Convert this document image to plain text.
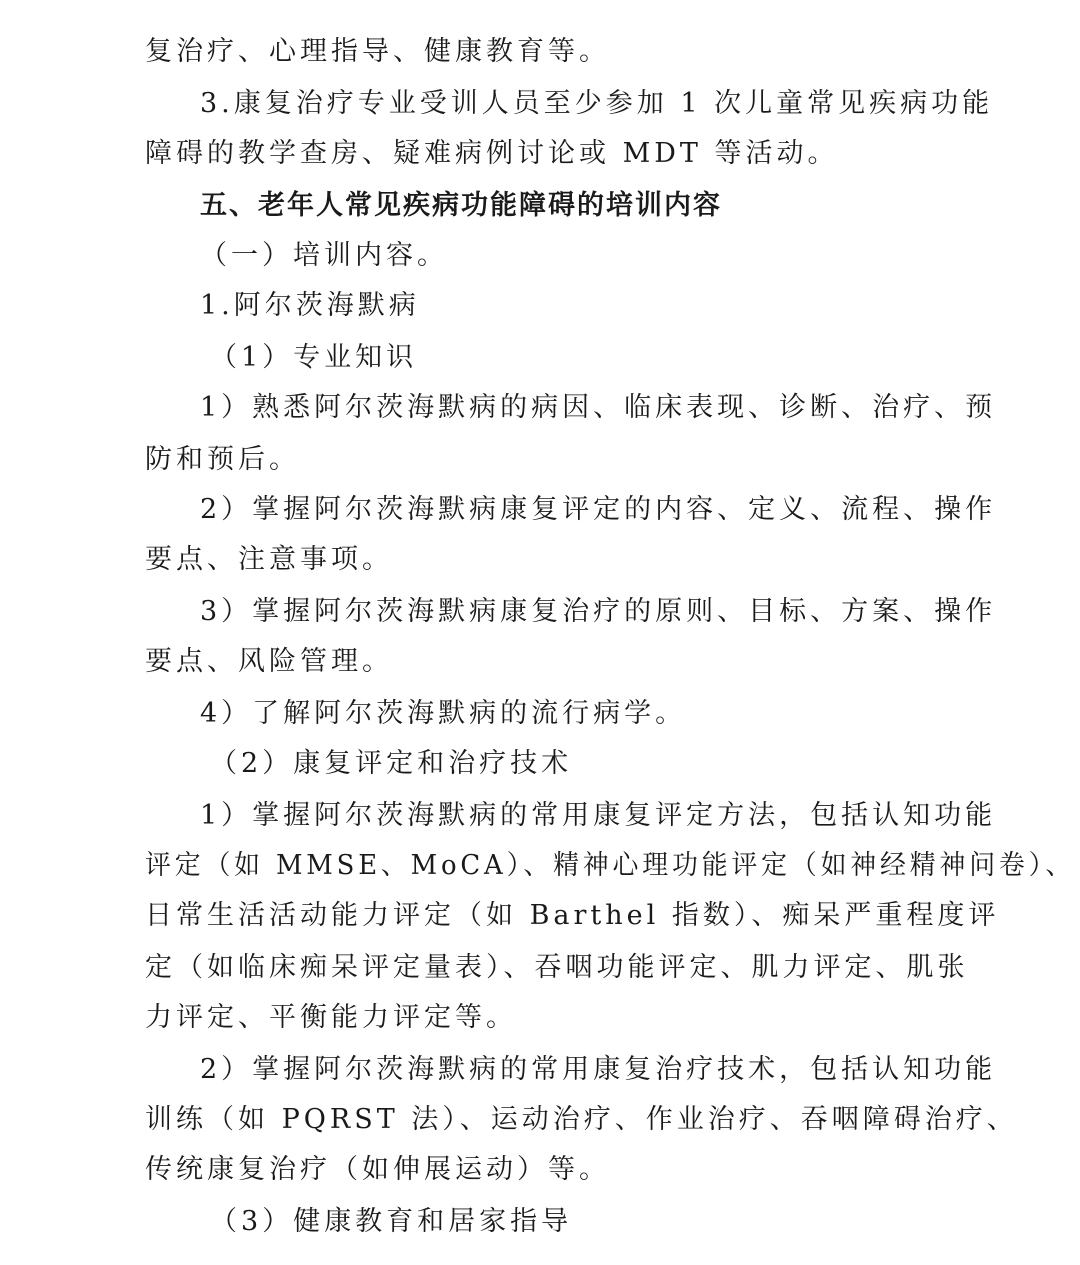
复治疗、心理指导、健康教育等。
3.康复治疗专业受训人员至少参加 1 次儿童常见疾病功能
障碍的教学查房、疑难病例讨论或 MDT 等活动。
五、老年人常见疾病功能障碍的培训内容
（一）培训内容。
1.阿尔茨海默病
（1）专业知识
1）熟悉阿尔茨海默病的病因、临床表现、诊断、治疗、预
防和预后。
2）掌握阿尔茨海默病康复评定的内容、定义、流程、操作
要点、注意事项。
3）掌握阿尔茨海默病康复治疗的原则、目标、方案、操作
要点、风险管理。
4）了解阿尔茨海默病的流行病学。
（2）康复评定和治疗技术
1）掌握阿尔茨海默病的常用康复评定方法，包括认知功能
评定（如 MMSE、MoCA）、精神心理功能评定（如神经精神问卷）、
日常生活活动能力评定（如 Barthel 指数）、痴呆严重程度评
定（如临床痴呆评定量表）、吞咽功能评定、肌力评定、肌张
力评定、平衡能力评定等。
2）掌握阿尔茨海默病的常用康复治疗技术，包括认知功能
训练（如 PQRST 法）、运动治疗、作业治疗、吞咽障碍治疗、
传统康复治疗（如伸展运动）等。
（3）健康教育和居家指导
